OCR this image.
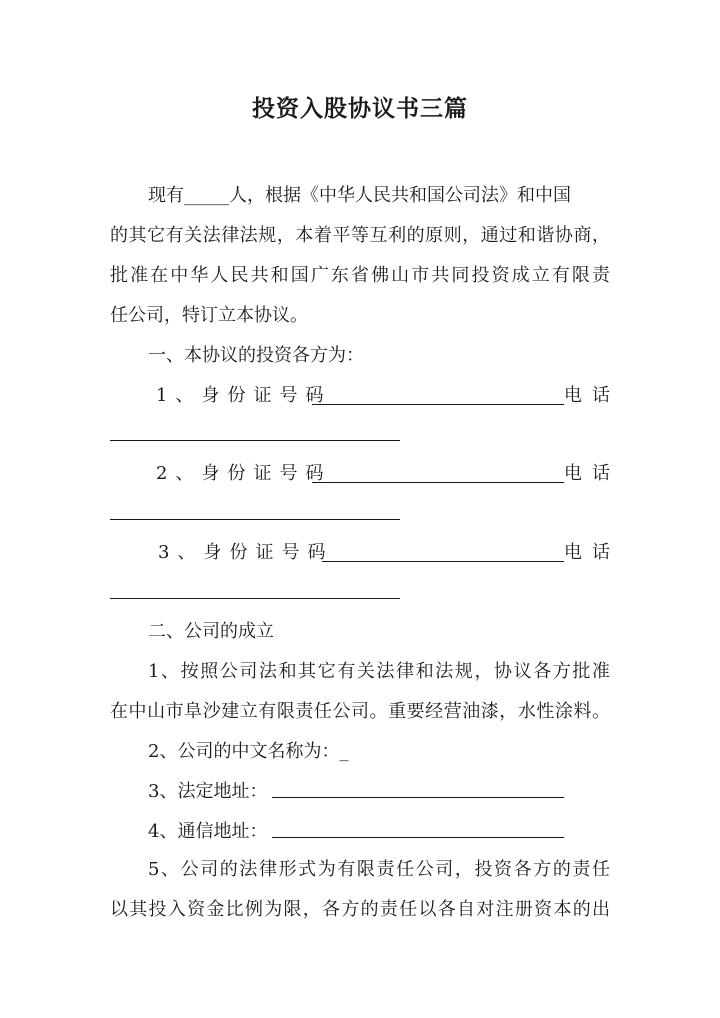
投资入股协议书三篇
现有_____人，根据《中华人民共和国公司法》和中国
的其它有关法律法规，本着平等互利的原则，通过和谐协商，
批准在中华人民共和国广东省佛山市共同投资成立有限责
任公司，特订立本协议。
一、本协议的投资各方为：
1、身份证号码	电话
2、身份证号码	电话
3、身份证号码	电话
二、公司的成立
1、按照公司法和其它有关法律和法规，协议各方批准
在中山市阜沙建立有限责任公司。重要经营油漆，水性涂料。
2、公司的中文名称为：_
3、法定地址：
4、通信地址：
5、公司的法律形式为有限责任公司，投资各方的责任
以其投入资金比例为限，各方的责任以各自对注册资本的出
